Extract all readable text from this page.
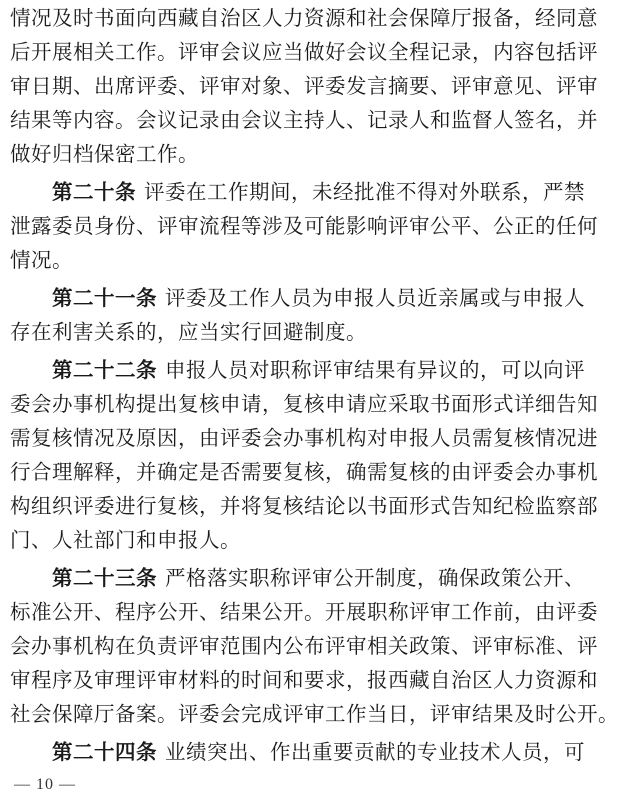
情况及时书面向西藏自治区人力资源和社会保障厅报备，经同意
后开展相关工作。评审会议应当做好会议全程记录，内容包括评
审日期、出席评委、评审对象、评委发言摘要、评审意见、评审
结果等内容。会议记录由会议主持人、记录人和监督人签名，并
做好归档保密工作。
第二十条 评委在工作期间，未经批准不得对外联系，严禁
泄露委员身份、评审流程等涉及可能影响评审公平、公正的任何
情况。
第二十一条 评委及工作人员为申报人员近亲属或与申报人
存在利害关系的，应当实行回避制度。
第二十二条 申报人员对职称评审结果有异议的，可以向评
委会办事机构提出复核申请，复核申请应采取书面形式详细告知
需复核情况及原因，由评委会办事机构对申报人员需复核情况进
行合理解释，并确定是否需要复核，确需复核的由评委会办事机
构组织评委进行复核，并将复核结论以书面形式告知纪检监察部
门、人社部门和申报人。
第二十三条 严格落实职称评审公开制度，确保政策公开、
标准公开、程序公开、结果公开。开展职称评审工作前，由评委
会办事机构在负责评审范围内公布评审相关政策、评审标准、评
审程序及审理评审材料的时间和要求，报西藏自治区人力资源和
社会保障厅备案。评委会完成评审工作当日，评审结果及时公开。
第二十四条 业绩突出、作出重要贡献的专业技术人员，可
— 10 —
